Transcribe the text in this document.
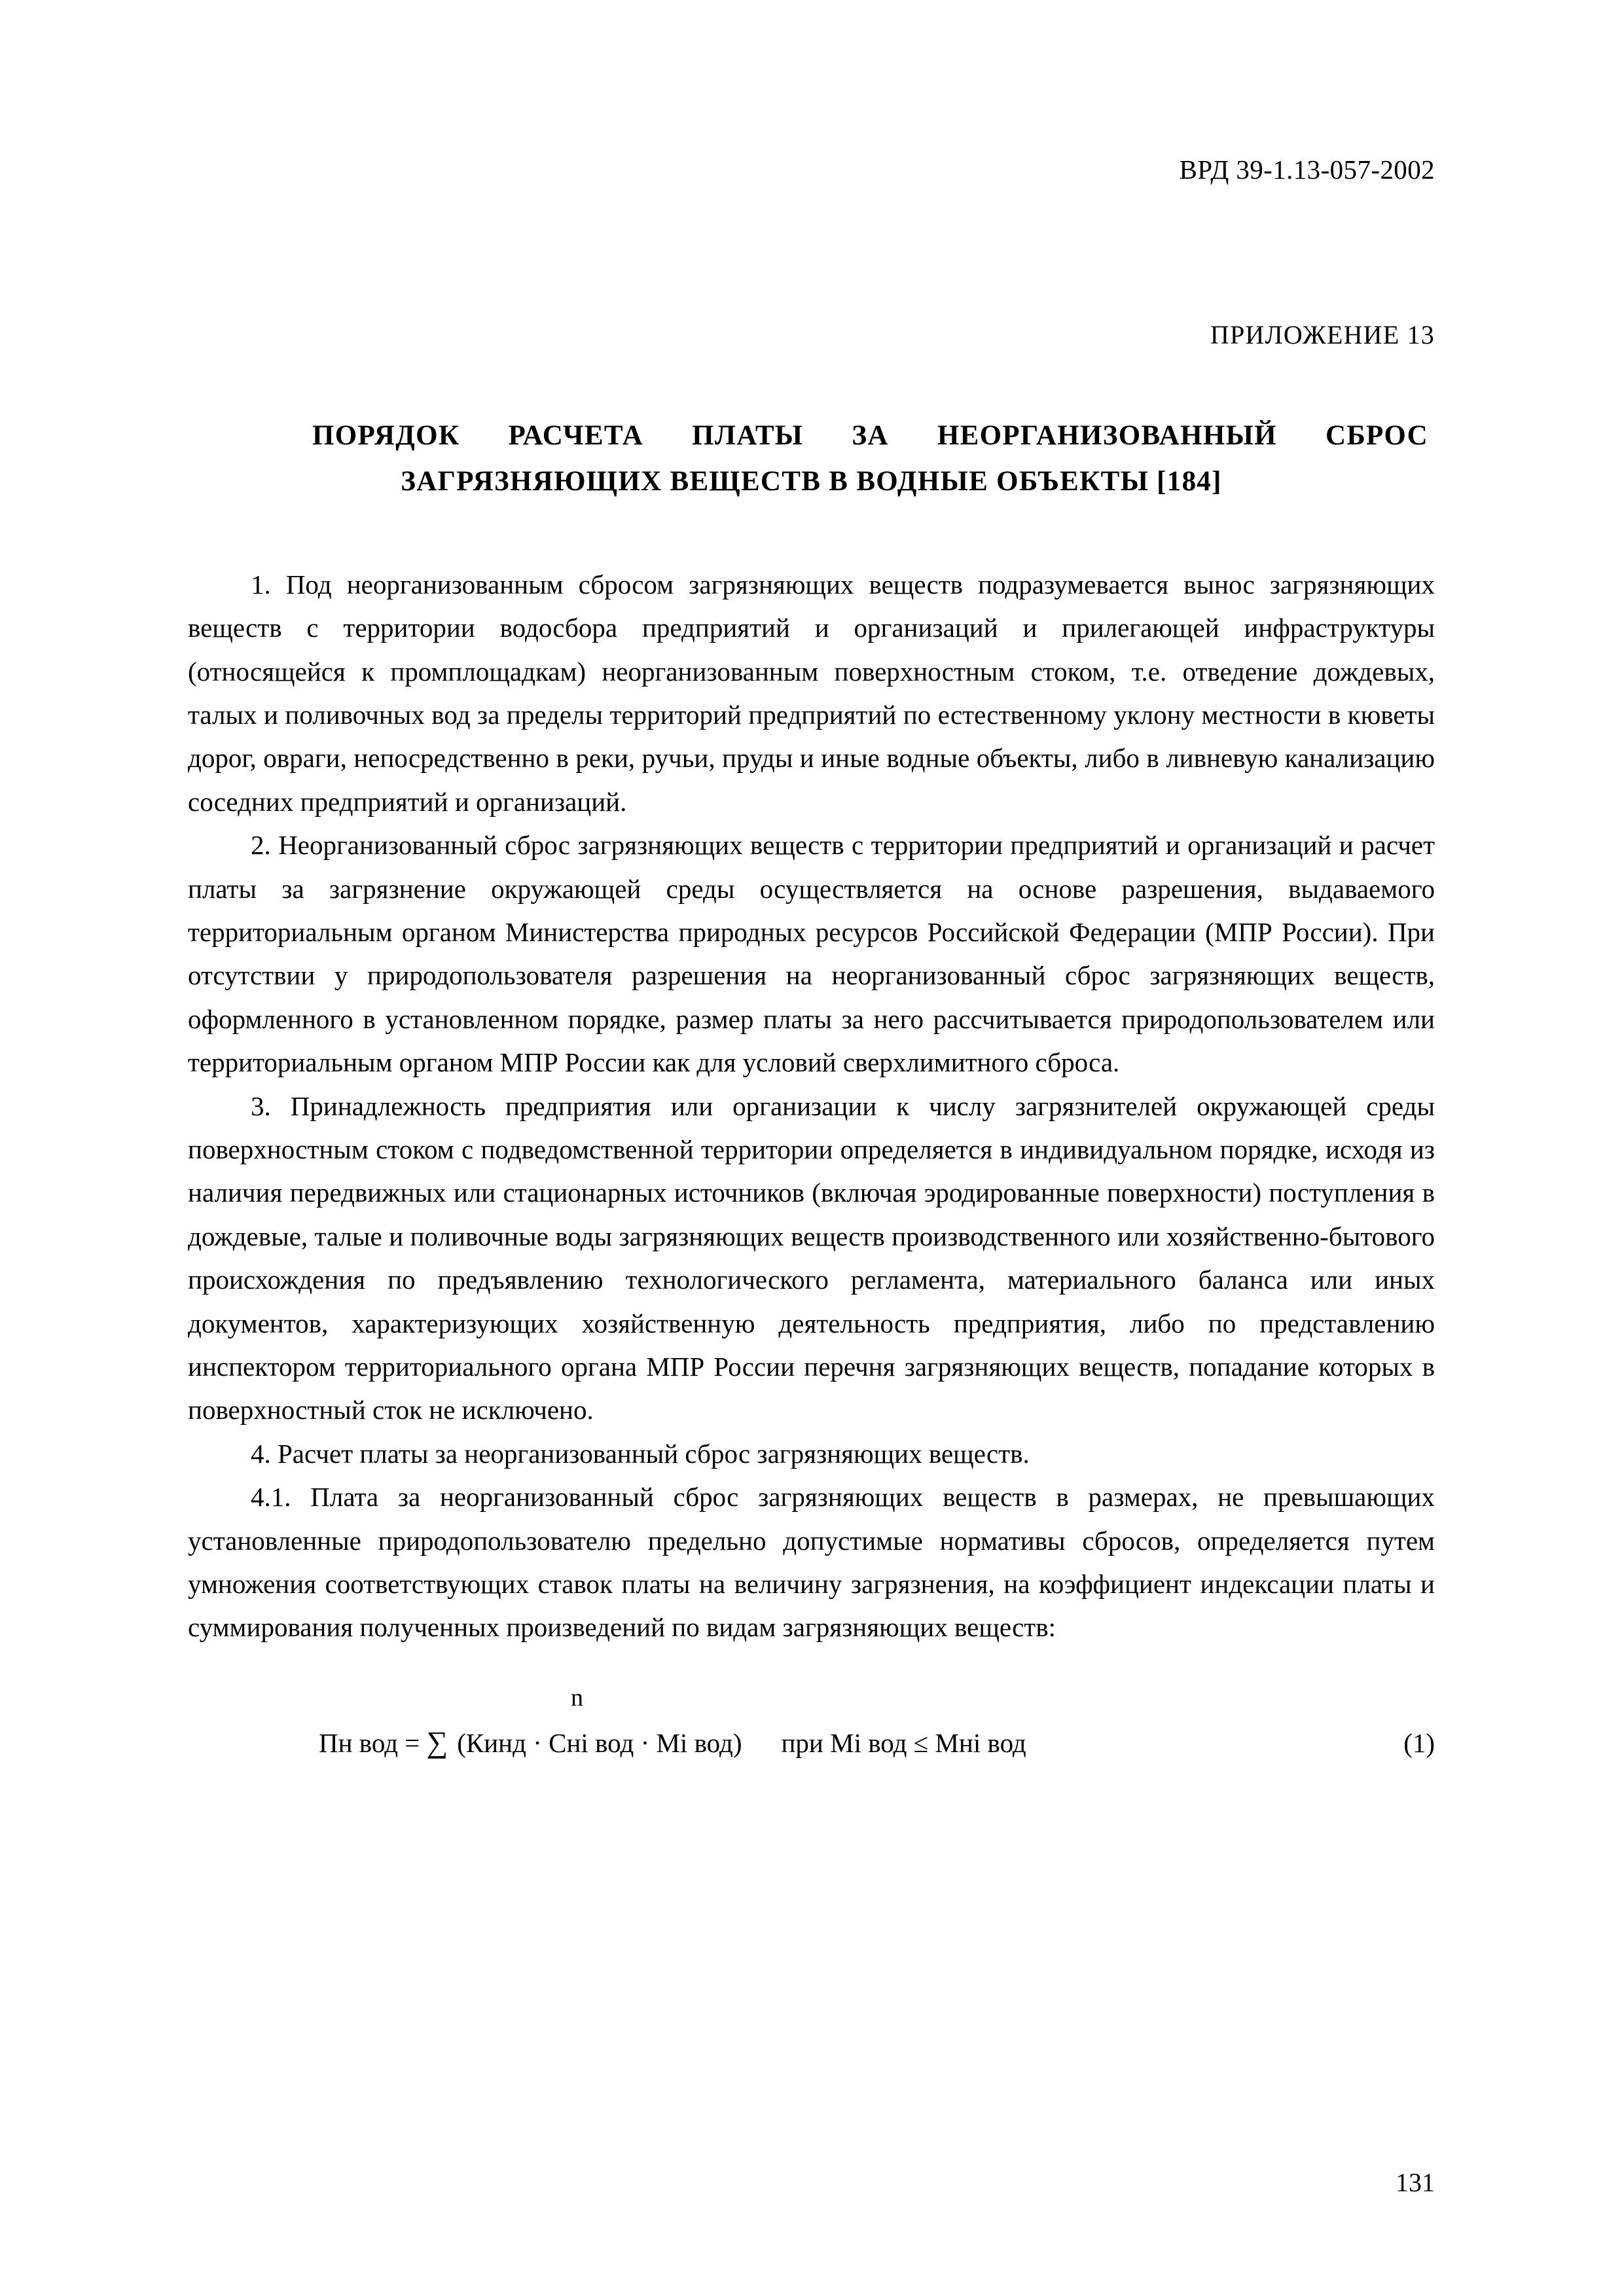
ВРД 39-1.13-057-2002
ПРИЛОЖЕНИЕ 13
ПОРЯДОК РАСЧЕТА ПЛАТЫ ЗА НЕОРГАНИЗОВАННЫЙ СБРОС
ЗАГРЯЗНЯЮЩИХ ВЕЩЕСТВ В ВОДНЫЕ ОБЪЕКТЫ [184]

1. Под неорганизованным сбросом загрязняющих веществ подразумевается вынос загрязняющих веществ с территории водосбора предприятий и организаций и прилегающей инфраструктуры (относящейся к промплощадкам) неорганизованным поверхностным стоком, т.е. отведение дождевых, талых и поливочных вод за пределы территорий предприятий по естественному уклону местности в кюветы дорог, овраги, непосредственно в реки, ручьи, пруды и иные водные объекты, либо в ливневую канализацию соседних предприятий и организаций.

2. Неорганизованный сброс загрязняющих веществ с территории предприятий и организаций и расчет платы за загрязнение окружающей среды осуществляется на основе разрешения, выдаваемого территориальным органом Министерства природных ресурсов Российской Федерации (МПР России). При отсутствии у природопользователя разрешения на неорганизованный сброс загрязняющих веществ, оформленного в установленном порядке, размер платы за него рассчитывается природопользователем или территориальным органом МПР России как для условий сверхлимитного сброса.

3. Принадлежность предприятия или организации к числу загрязнителей окружающей среды поверхностным стоком с подведомственной территории определяется в индивидуальном порядке, исходя из наличия передвижных или стационарных источников (включая эродированные поверхности) поступления в дождевые, талые и поливочные воды загрязняющих веществ производственного или хозяйственно-бытового происхождения по предъявлению технологического регламента, материального баланса или иных документов, характеризующих хозяйственную деятельность предприятия, либо по представлению инспектором территориального органа МПР России перечня загрязняющих веществ, попадание которых в поверхностный сток не исключено.

4. Расчет платы за неорганизованный сброс загрязняющих веществ.

4.1. Плата за неорганизованный сброс загрязняющих веществ в размерах, не превышающих установленные природопользователю предельно допустимые нормативы сбросов, определяется путем умножения соответствующих ставок платы на величину загрязнения, на коэффициент индексации платы и суммирования полученных произведений по видам загрязняющих веществ:

n
Пн вод = ∑ (Кинд · Снi вод · Мi вод) при Мi вод ≤ Мнi вод	(1)
131
